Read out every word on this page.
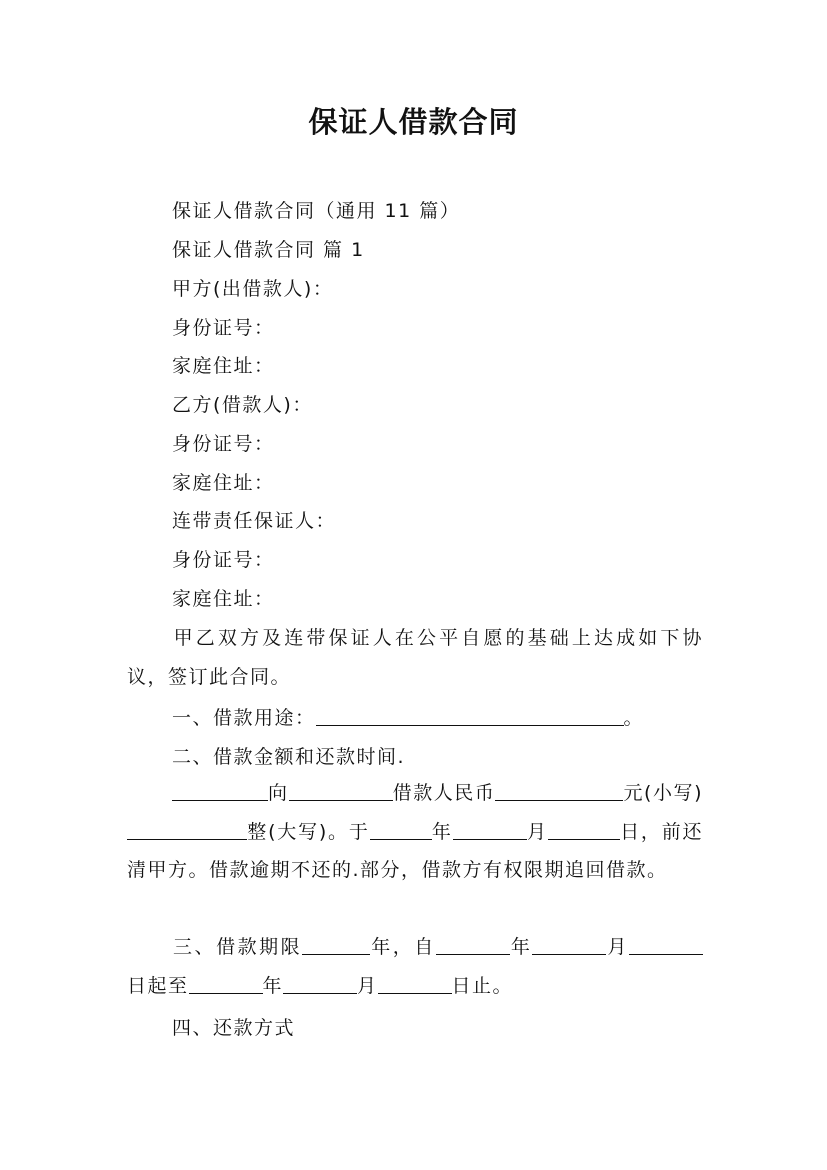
保证人借款合同
保证人借款合同（通用 11 篇）
保证人借款合同 篇 1
甲方(出借款人)：
身份证号：
家庭住址：
乙方(借款人)：
身份证号：
家庭住址：
连带责任保证人：
身份证号：
家庭住址：
甲乙双方及连带保证人在公平自愿的基础上达成如下协议，签订此合同。
一、借款用途：	。
二、借款金额和还款时间.
向	借款人民币	元(小写)整(大写)。于	年	月	日，前还清甲方。借款逾期不还的.部分，借款方有权限期追回借款。
三、借款期限	年，自	年	月日起至	年	月	日止。
四、还款方式
